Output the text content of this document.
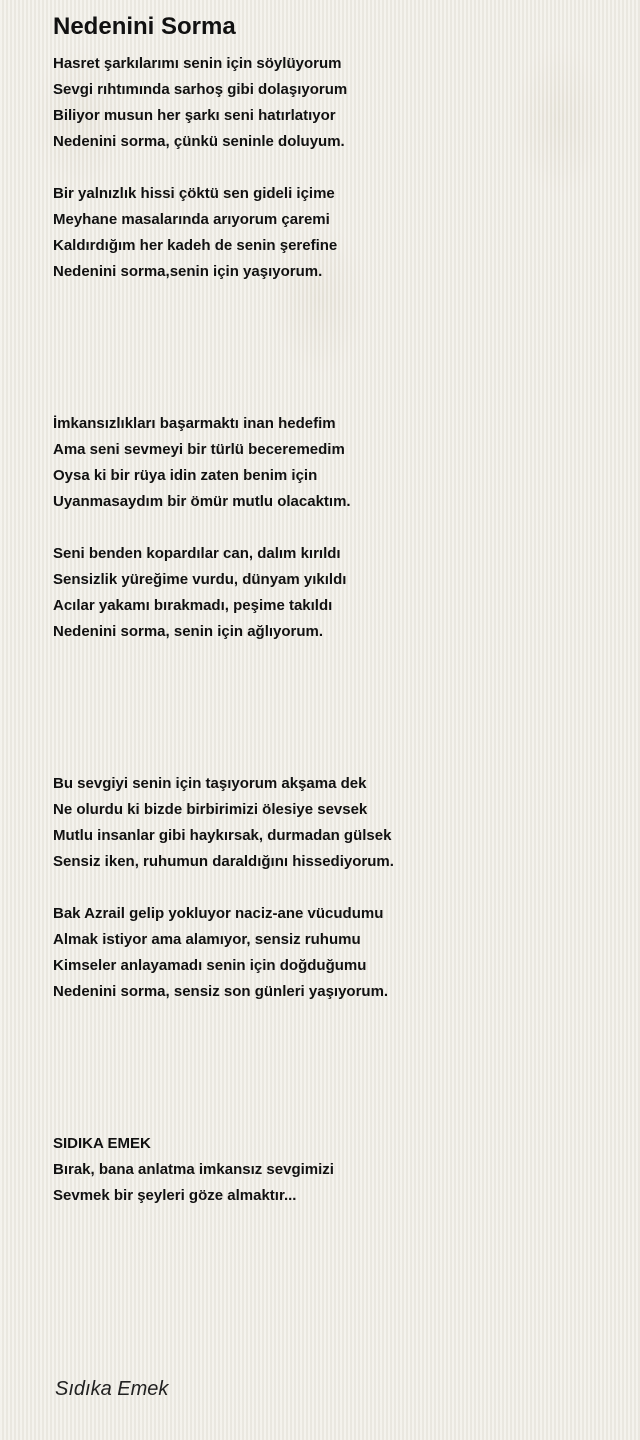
Nedenini Sorma
Hasret şarkılarımı senin için söylüyorum
Sevgi rıhtımında sarhoş gibi dolaşıyorum
Biliyor musun her şarkı seni hatırlatıyor
Nedenini sorma, çünkü seninle doluyum.
Bir yalnızlık hissi çöktü sen gideli içime
Meyhane masalarında arıyorum çaremi
Kaldırdığım her kadeh de senin şerefine
Nedenini sorma,senin için yaşıyorum.
İmkansızlıkları başarmaktı inan hedefim
Ama seni sevmeyi bir türlü beceremedim
Oysa ki bir rüya idin zaten benim için
Uyanmasaydım bir ömür mutlu olacaktım.
Seni benden kopardılar can, dalım kırıldı
Sensizlik yüreğime vurdu, dünyam yıkıldı
Acılar yakamı bırakmadı, peşime takıldı
Nedenini sorma, senin için ağlıyorum.
Bu sevgiyi senin için taşıyorum akşama dek
Ne olurdu ki bizde birbirimizi ölesiye sevsek
Mutlu insanlar gibi haykırsak, durmadan gülsek
Sensiz iken, ruhumun daraldığını hissediyorum.
Bak Azrail gelip yokluyor naciz-ane vücudumu
Almak istiyor ama alamıyor, sensiz ruhumu
Kimseler anlayamadı senin için doğduğumu
Nedenini sorma, sensiz son günleri yaşıyorum.
SIDIKA EMEK
Bırak, bana anlatma imkansız sevgimizi
Sevmek bir şeyleri göze almaktır...
Sıdıka Emek
